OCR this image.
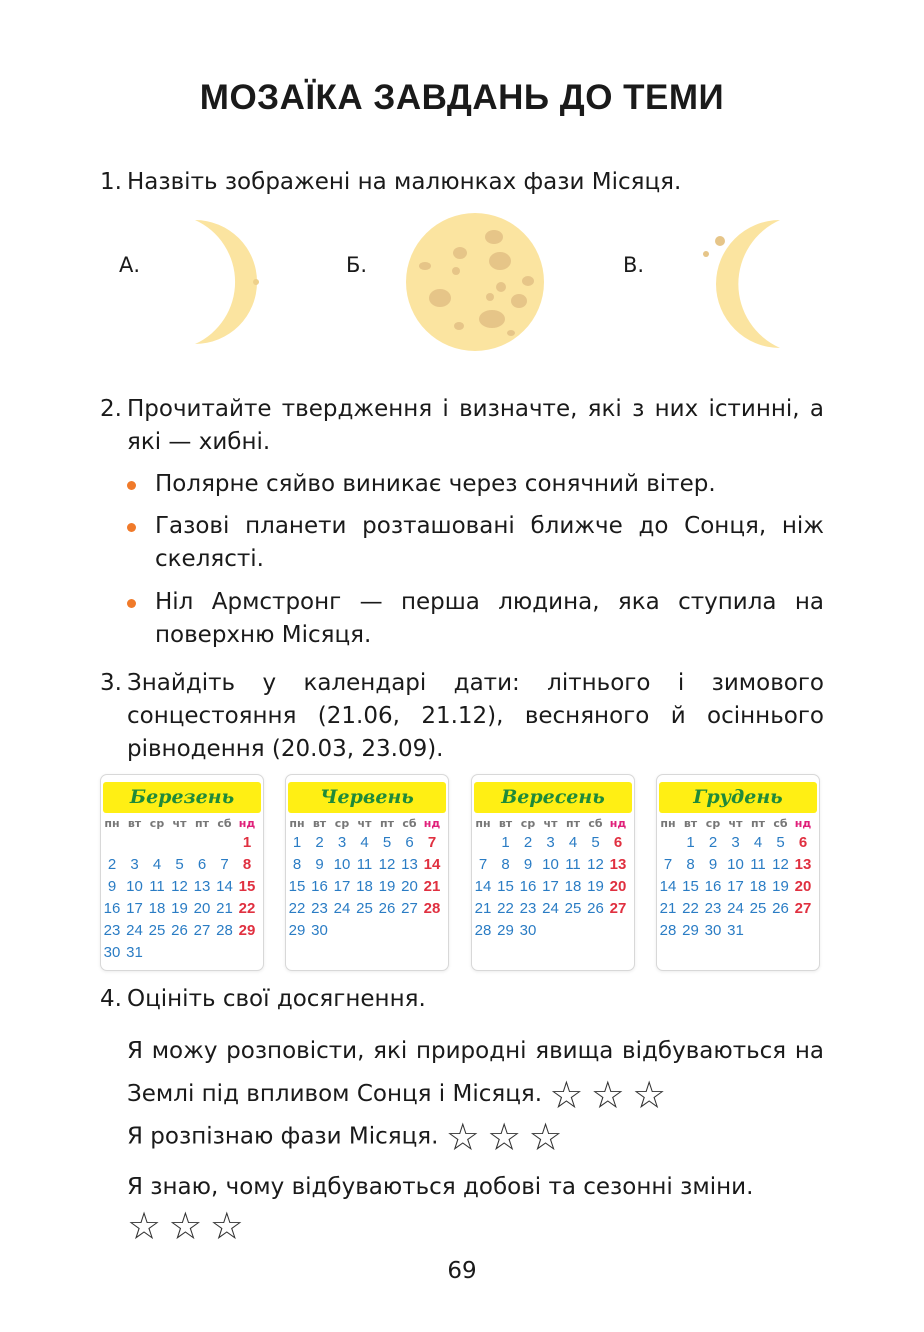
МОЗАЇКА ЗАВДАНЬ ДО ТЕМИ
1. Назвіть зображені на малюнках фази Місяця.
А.	Б.	В.
2. Прочитайте твердження і визначте, які з них істинні, а які — хибні.
Полярне сяйво виникає через сонячний вітер.
Газові планети розташовані ближче до Сонця, ніж скелясті.
Ніл Армстронг — перша людина, яка ступила на поверхню Місяця.
3. Знайдіть у календарі дати: літнього і зимового сонцестояння (21.06, 21.12), весняного й осіннього рівнодення (20.03, 23.09).
Березень
пн вт ср чт пт сб нд
1
2 3 4 5 6 7 8
9 10 11 12 13 14 15
16 17 18 19 20 21 22
23 24 25 26 27 28 29
30 31
Червень
пн вт ср чт пт сб нд
1 2 3 4 5 6 7
8 9 10 11 12 13 14
15 16 17 18 19 20 21
22 23 24 25 26 27 28
29 30
Вересень
пн вт ср чт пт сб нд
1 2 3 4 5 6
7 8 9 10 11 12 13
14 15 16 17 18 19 20
21 22 23 24 25 26 27
28 29 30
Грудень
пн вт ср чт пт сб нд
1 2 3 4 5 6
7 8 9 10 11 12 13
14 15 16 17 18 19 20
21 22 23 24 25 26 27
28 29 30 31
4. Оцініть свої досягнення.
Я можу розповісти, які природні явища відбуваються на Землі під впливом Сонця і Місяця. ☆ ☆ ☆
Я розпізнаю фази Місяця. ☆ ☆ ☆
Я знаю, чому відбуваються добові та сезонні зміни.
☆ ☆ ☆
69
